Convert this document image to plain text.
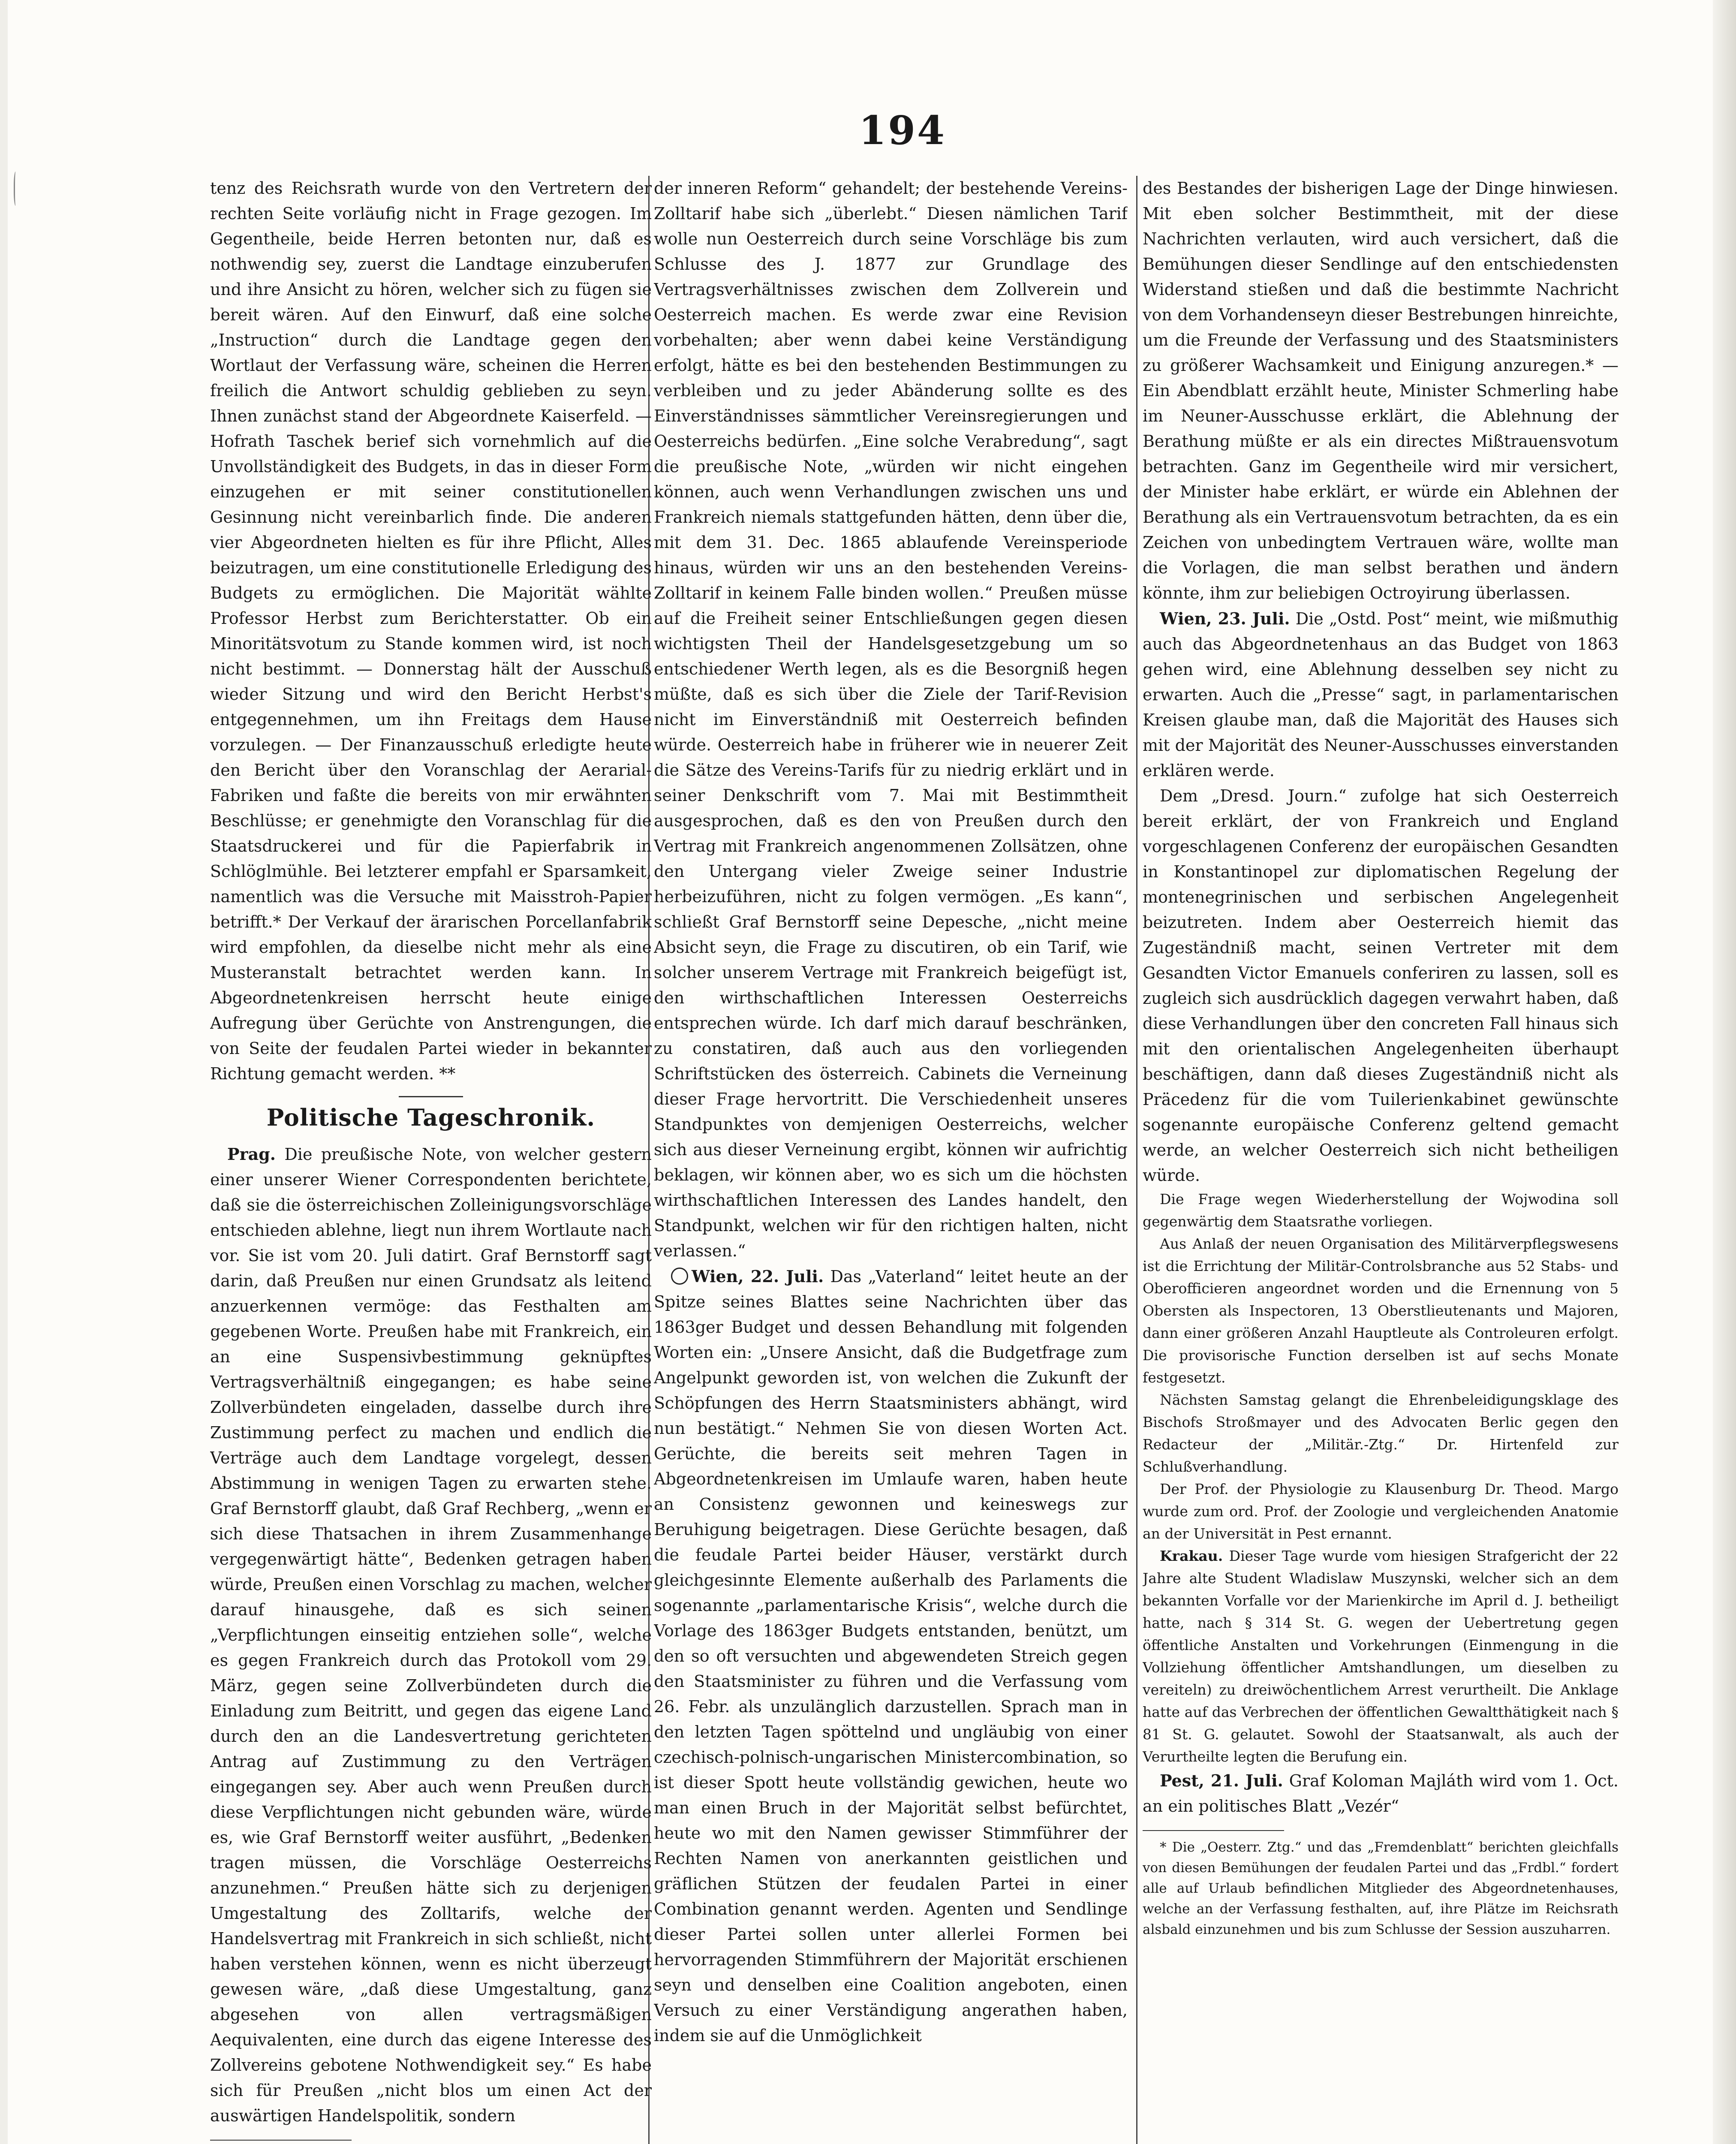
194

tenz des Reichsrath wurde von den Vertretern der rechten Seite vorläufig nicht in Frage gezogen. Im Gegentheile, beide Herren betonten nur, daß es nothwendig sey, zuerst die Landtage einzuberufen und ihre Ansicht zu hören, welcher sich zu fügen sie bereit wären. Auf den Einwurf, daß eine solche „Instruction“ durch die Landtage gegen den Wortlaut der Verfassung wäre, scheinen die Herren freilich die Antwort schuldig geblieben zu seyn. Ihnen zunächst stand der Abgeordnete Kaiserfeld. — Hofrath Taschek berief sich vornehmlich auf die Unvollständigkeit des Budgets, in das in dieser Form einzugehen er mit seiner constitutionellen Gesinnung nicht vereinbarlich finde. Die anderen vier Abgeordneten hielten es für ihre Pflicht, Alles beizutragen, um eine constitutionelle Erledigung des Budgets zu ermöglichen. Die Majorität wählte Professor Herbst zum Berichterstatter. Ob ein Minoritätsvotum zu Stande kommen wird, ist noch nicht bestimmt. — Donnerstag hält der Ausschuß wieder Sitzung und wird den Bericht Herbst's entgegennehmen, um ihn Freitags dem Hause vorzulegen. — Der Finanzausschuß erledigte heute den Bericht über den Voranschlag der Aerarial-Fabriken und faßte die bereits von mir erwähnten Beschlüsse; er genehmigte den Voranschlag für die Staatsdruckerei und für die Papierfabrik in Schlöglmühle. Bei letzterer empfahl er Sparsamkeit, namentlich was die Versuche mit Maisstroh-Papier betrifft.* Der Verkauf der ärarischen Porcellanfabrik wird empfohlen, da dieselbe nicht mehr als eine Musteranstalt betrachtet werden kann. In Abgeordnetenkreisen herrscht heute einige Aufregung über Gerüchte von Anstrengungen, die von Seite der feudalen Partei wieder in bekannter Richtung gemacht werden. **

Politische Tageschronik.

Prag. Die preußische Note, von welcher gestern einer unserer Wiener Correspondenten berichtete, daß sie die österreichischen Zolleinigungsvorschläge entschieden ablehne, liegt nun ihrem Wortlaute nach vor. Sie ist vom 20. Juli datirt. Graf Bernstorff sagt darin, daß Preußen nur einen Grundsatz als leitend anzuerkennen vermöge: das Festhalten am gegebenen Worte. Preußen habe mit Frankreich, ein an eine Suspensivbestimmung geknüpftes Vertragsverhältniß eingegangen; es habe seine Zollverbündeten eingeladen, dasselbe durch ihre Zustimmung perfect zu machen und endlich die Verträge auch dem Landtage vorgelegt, dessen Abstimmung in wenigen Tagen zu erwarten stehe. Graf Bernstorff glaubt, daß Graf Rechberg, „wenn er sich diese Thatsachen in ihrem Zusammenhange vergegenwärtigt hätte“, Bedenken getragen haben würde, Preußen einen Vorschlag zu machen, welcher darauf hinausgehe, daß es sich seinen „Verpflichtungen einseitig entziehen solle“, welche es gegen Frankreich durch das Protokoll vom 29. März, gegen seine Zollverbündeten durch die Einladung zum Beitritt, und gegen das eigene Land durch den an die Landesvertretung gerichteten Antrag auf Zustimmung zu den Verträgen eingegangen sey. Aber auch wenn Preußen durch diese Verpflichtungen nicht gebunden wäre, würde es, wie Graf Bernstorff weiter ausführt, „Bedenken tragen müssen, die Vorschläge Oesterreichs anzunehmen.“ Preußen hätte sich zu derjenigen Umgestaltung des Zolltarifs, welche der Handelsvertrag mit Frankreich in sich schließt, nicht haben verstehen können, wenn es nicht überzeugt gewesen wäre, „daß diese Umgestaltung, ganz abgesehen von allen vertragsmäßigen Aequivalenten, eine durch das eigene Interesse des Zollvereins gebotene Nothwendigkeit sey.“ Es habe sich für Preußen „nicht blos um einen Act der auswärtigen Handelspolitik, sondern

der inneren Reform“ gehandelt; der bestehende Vereins-Zolltarif habe sich „überlebt.“ Diesen nämlichen Tarif wolle nun Oesterreich durch seine Vorschläge bis zum Schlusse des J. 1877 zur Grundlage des Vertragsverhältnisses zwischen dem Zollverein und Oesterreich machen. Es werde zwar eine Revision vorbehalten; aber wenn dabei keine Verständigung erfolgt, hätte es bei den bestehenden Bestimmungen zu verbleiben und zu jeder Abänderung sollte es des Einverständnisses sämmtlicher Vereinsregierungen und Oesterreichs bedürfen. „Eine solche Verabredung“, sagt die preußische Note, „würden wir nicht eingehen können, auch wenn Verhandlungen zwischen uns und Frankreich niemals stattgefunden hätten, denn über die, mit dem 31. Dec. 1865 ablaufende Vereinsperiode hinaus, würden wir uns an den bestehenden Vereins-Zolltarif in keinem Falle binden wollen.“ Preußen müsse auf die Freiheit seiner Entschließungen gegen diesen wichtigsten Theil der Handelsgesetzgebung um so entschiedener Werth legen, als es die Besorgniß hegen müßte, daß es sich über die Ziele der Tarif-Revision nicht im Einverständniß mit Oesterreich befinden würde. Oesterreich habe in früherer wie in neuerer Zeit die Sätze des Vereins-Tarifs für zu niedrig erklärt und in seiner Denkschrift vom 7. Mai mit Bestimmtheit ausgesprochen, daß es den von Preußen durch den Vertrag mit Frankreich angenommenen Zollsätzen, ohne den Untergang vieler Zweige seiner Industrie herbeizuführen, nicht zu folgen vermögen. „Es kann“, schließt Graf Bernstorff seine Depesche, „nicht meine Absicht seyn, die Frage zu discutiren, ob ein Tarif, wie solcher unserem Vertrage mit Frankreich beigefügt ist, den wirthschaftlichen Interessen Oesterreichs entsprechen würde. Ich darf mich darauf beschränken, zu constatiren, daß auch aus den vorliegenden Schriftstücken des österreich. Cabinets die Verneinung dieser Frage hervortritt. Die Verschiedenheit unseres Standpunktes von demjenigen Oesterreichs, welcher sich aus dieser Verneinung ergibt, können wir aufrichtig beklagen, wir können aber, wo es sich um die höchsten wirthschaftlichen Interessen des Landes handelt, den Standpunkt, welchen wir für den richtigen halten, nicht verlassen.“

Wien, 22. Juli. Das „Vaterland“ leitet heute an der Spitze seines Blattes seine Nachrichten über das 1863ger Budget und dessen Behandlung mit folgenden Worten ein: „Unsere Ansicht, daß die Budgetfrage zum Angelpunkt geworden ist, von welchen die Zukunft der Schöpfungen des Herrn Staatsministers abhängt, wird nun bestätigt.“ Nehmen Sie von diesen Worten Act. Gerüchte, die bereits seit mehren Tagen in Abgeordnetenkreisen im Umlaufe waren, haben heute an Consistenz gewonnen und keineswegs zur Beruhigung beigetragen. Diese Gerüchte besagen, daß die feudale Partei beider Häuser, verstärkt durch gleichgesinnte Elemente außerhalb des Parlaments die sogenannte „parlamentarische Krisis“, welche durch die Vorlage des 1863ger Budgets entstanden, benützt, um den so oft versuchten und abgewendeten Streich gegen den Staatsminister zu führen und die Verfassung vom 26. Febr. als unzulänglich darzustellen. Sprach man in den letzten Tagen spöttelnd und ungläubig von einer czechisch-polnisch-ungarischen Ministercombination, so ist dieser Spott heute vollständig gewichen, heute wo man einen Bruch in der Majorität selbst befürchtet, heute wo mit den Namen gewisser Stimmführer der Rechten Namen von anerkannten geistlichen und gräflichen Stützen der feudalen Partei in einer Combination genannt werden. Agenten und Sendlinge dieser Partei sollen unter allerlei Formen bei hervorragenden Stimmführern der Majorität erschienen seyn und denselben eine Coalition angeboten, einen Versuch zu einer Verständigung angerathen haben, indem sie auf die Unmöglichkeit

des Bestandes der bisherigen Lage der Dinge hinwiesen. Mit eben solcher Bestimmtheit, mit der diese Nachrichten verlauten, wird auch versichert, daß die Bemühungen dieser Sendlinge auf den entschiedensten Widerstand stießen und daß die bestimmte Nachricht von dem Vorhandenseyn dieser Bestrebungen hinreichte, um die Freunde der Verfassung und des Staatsministers zu größerer Wachsamkeit und Einigung anzuregen.* — Ein Abendblatt erzählt heute, Minister Schmerling habe im Neuner-Ausschusse erklärt, die Ablehnung der Berathung müßte er als ein directes Mißtrauensvotum betrachten. Ganz im Gegentheile wird mir versichert, der Minister habe erklärt, er würde ein Ablehnen der Berathung als ein Vertrauensvotum betrachten, da es ein Zeichen von unbedingtem Vertrauen wäre, wollte man die Vorlagen, die man selbst berathen und ändern könnte, ihm zur beliebigen Octroyirung überlassen.

Wien, 23. Juli. Die „Ostd. Post“ meint, wie mißmuthig auch das Abgeordnetenhaus an das Budget von 1863 gehen wird, eine Ablehnung desselben sey nicht zu erwarten. Auch die „Presse“ sagt, in parlamentarischen Kreisen glaube man, daß die Majorität des Hauses sich mit der Majorität des Neuner-Ausschusses einverstanden erklären werde.

Dem „Dresd. Journ.“ zufolge hat sich Oesterreich bereit erklärt, der von Frankreich und England vorgeschlagenen Conferenz der europäischen Gesandten in Konstantinopel zur diplomatischen Regelung der montenegrinischen und serbischen Angelegenheit beizutreten. Indem aber Oesterreich hiemit das Zugeständniß macht, seinen Vertreter mit dem Gesandten Victor Emanuels conferiren zu lassen, soll es zugleich sich ausdrücklich dagegen verwahrt haben, daß diese Verhandlungen über den concreten Fall hinaus sich mit den orientalischen Angelegenheiten überhaupt beschäftigen, dann daß dieses Zugeständniß nicht als Präcedenz für die vom Tuilerienkabinet gewünschte sogenannte europäische Conferenz geltend gemacht werde, an welcher Oesterreich sich nicht betheiligen würde.

Die Frage wegen Wiederherstellung der Wojwodina soll gegenwärtig dem Staatsrathe vorliegen.

Aus Anlaß der neuen Organisation des Militärverpflegswesens ist die Errichtung der Militär-Controlsbranche aus 52 Stabs- und Oberofficieren angeordnet worden und die Ernennung von 5 Obersten als Inspectoren, 13 Oberstlieutenants und Majoren, dann einer größeren Anzahl Hauptleute als Controleuren erfolgt. Die provisorische Function derselben ist auf sechs Monate festgesetzt.

Nächsten Samstag gelangt die Ehrenbeleidigungsklage des Bischofs Stroßmayer und des Advocaten Berlic gegen den Redacteur der „Militär.-Ztg.“ Dr. Hirtenfeld zur Schlußverhandlung.

Der Prof. der Physiologie zu Klausenburg Dr. Theod. Margo wurde zum ord. Prof. der Zoologie und vergleichenden Anatomie an der Universität in Pest ernannt.

Krakau. Dieser Tage wurde vom hiesigen Strafgericht der 22 Jahre alte Student Wladislaw Muszynski, welcher sich an dem bekannten Vorfalle vor der Marienkirche im April d. J. betheiligt hatte, nach § 314 St. G. wegen der Uebertretung gegen öffentliche Anstalten und Vorkehrungen (Einmengung in die Vollziehung öffentlicher Amtshandlungen, um dieselben zu vereiteln) zu dreiwöchentlichem Arrest verurtheilt. Die Anklage hatte auf das Verbrechen der öffentlichen Gewaltthätigkeit nach § 81 St. G. gelautet. Sowohl der Staatsanwalt, als auch der Verurtheilte legten die Berufung ein.

Pest, 21. Juli. Graf Koloman Majláth wird vom 1. Oct. an ein politisches Blatt „Vezér“

* Die „Oesterr. Ztg.“ und das „Fremdenblatt“ berichten gleichfalls von diesen Bemühungen der feudalen Partei und das „Frdbl.“ fordert alle auf Urlaub befindlichen Mitglieder des Abgeordnetenhauses, welche an der Verfassung festhalten, auf, ihre Plätze im Reichsrath alsbald einzunehmen und bis zum Schlusse der Session auszuharren.
